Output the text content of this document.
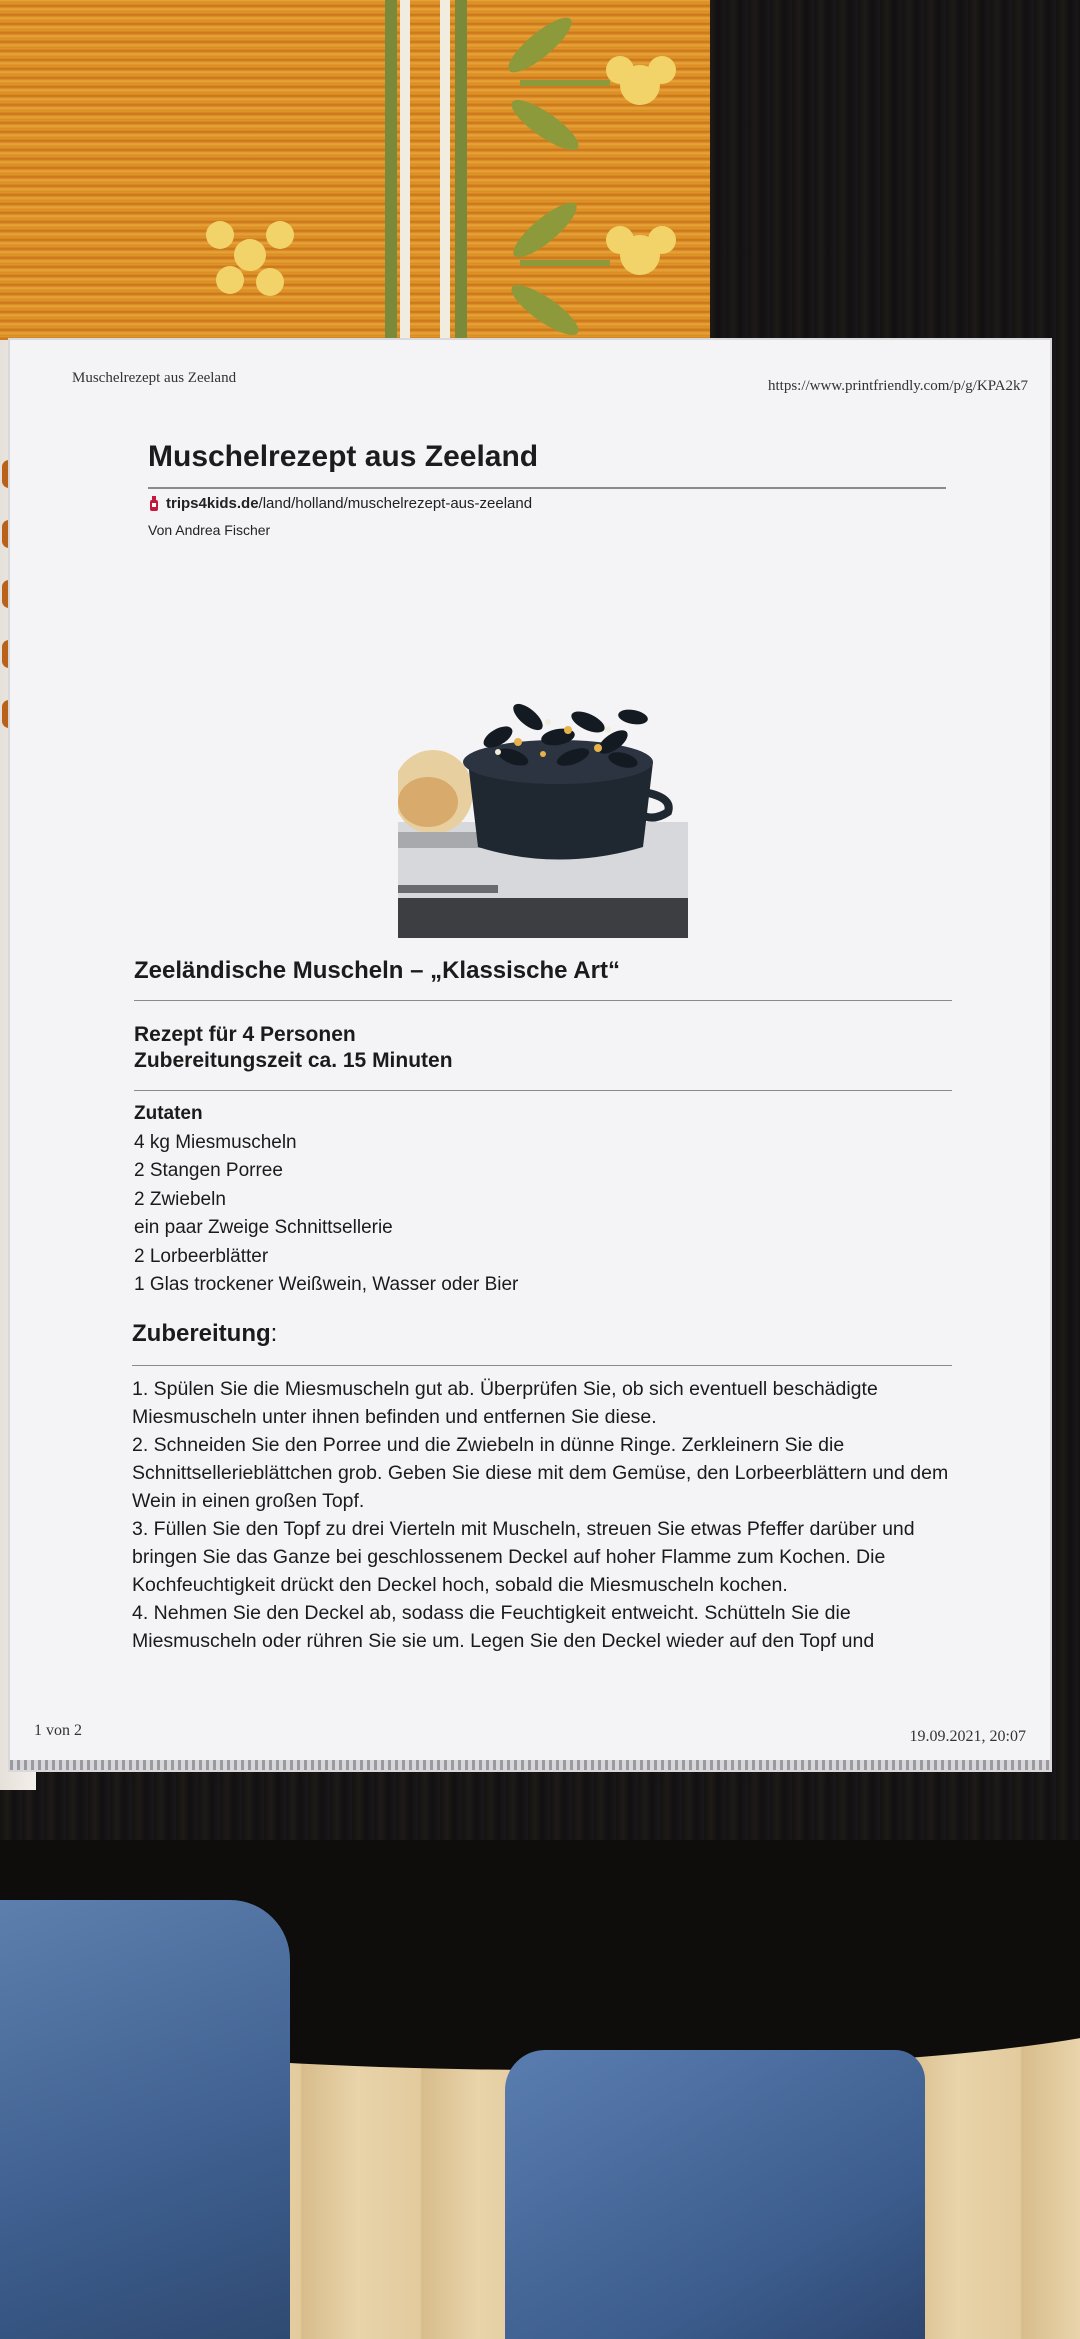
Muschelrezept aus Zeeland	https://www.printfriendly.com/p/g/KPA2k7
Muschelrezept aus Zeeland
trips4kids.de/land/holland/muschelrezept-aus-zeeland
Von Andrea Fischer
Zeeländische Muscheln – „Klassische Art“
Rezept für 4 Personen
Zubereitungszeit ca. 15 Minuten
Zutaten
4 kg Miesmuscheln
2 Stangen Porree
2 Zwiebeln
ein paar Zweige Schnittsellerie
2 Lorbeerblätter
1 Glas trockener Weißwein, Wasser oder Bier
Zubereitung:

1. Spülen Sie die Miesmuscheln gut ab. Überprüfen Sie, ob sich eventuell beschädigte Miesmuscheln unter ihnen befinden und entfernen Sie diese.

2. Schneiden Sie den Porree und die Zwiebeln in dünne Ringe. Zerkleinern Sie die Schnittsellerieblättchen grob. Geben Sie diese mit dem Gemüse, den Lorbeerblättern und dem Wein in einen großen Topf.

3. Füllen Sie den Topf zu drei Vierteln mit Muscheln, streuen Sie etwas Pfeffer darüber und bringen Sie das Ganze bei geschlossenem Deckel auf hoher Flamme zum Kochen. Die Kochfeuchtigkeit drückt den Deckel hoch, sobald die Miesmuscheln kochen.

4. Nehmen Sie den Deckel ab, sodass die Feuchtigkeit entweicht. Schütteln Sie die Miesmuscheln oder rühren Sie sie um. Legen Sie den Deckel wieder auf den Topf und

1 von 2	19.09.2021, 20:07
